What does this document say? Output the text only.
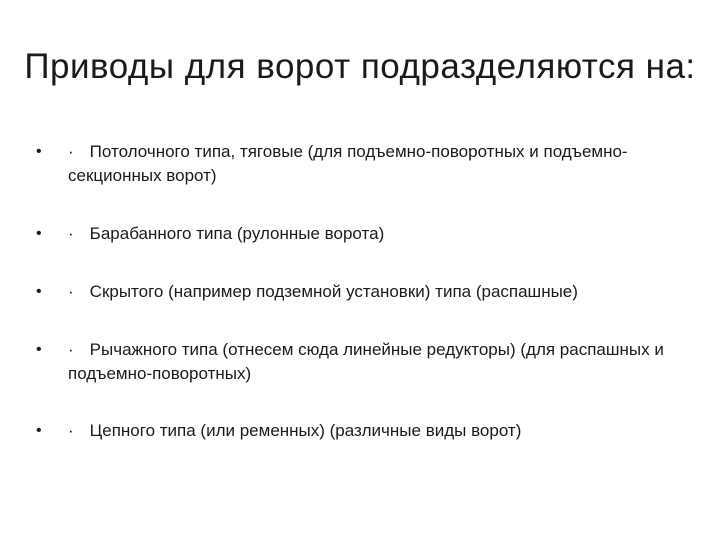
Приводы для ворот подразделяются на:
• · Потолочного типа, тяговые (для подъемно-поворотных и подъемно-секционных ворот)
• · Барабанного типа (рулонные ворота)
• · Скрытого (например подземной установки) типа (распашные)
• · Рычажного типа (отнесем сюда линейные редукторы) (для распашных и подъемно-поворотных)
• · Цепного типа (или ременных) (различные виды ворот)
